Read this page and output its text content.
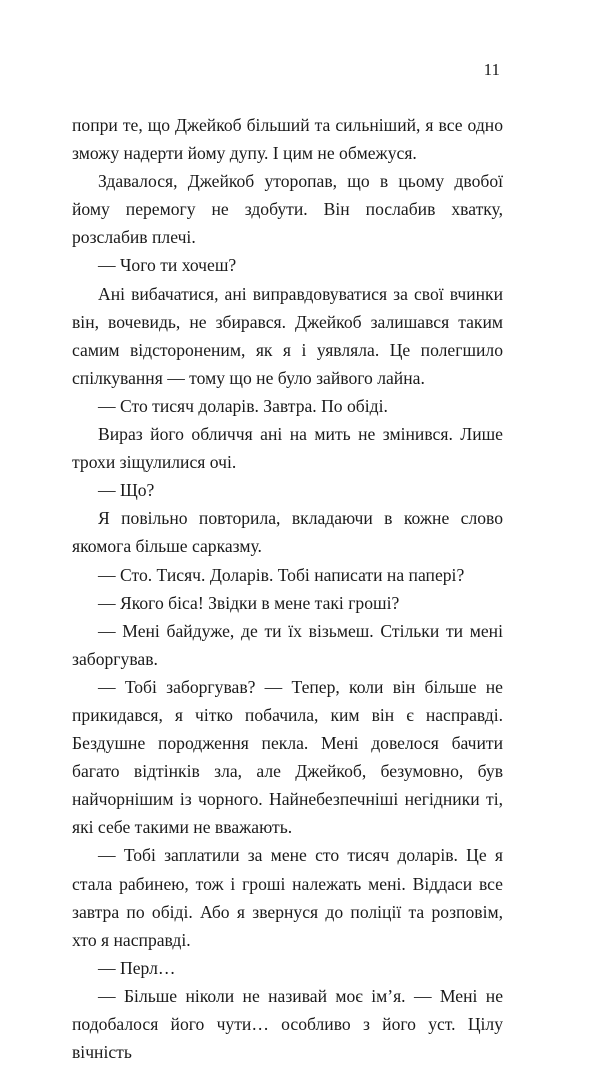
11

попри те, що Джейкоб більший та сильніший, я все одно зможу надерти йому дупу. І цим не обмежуся.

Здавалося, Джейкоб уторопав, що в цьому двобої йому перемогу не здобути. Він послабив хватку, розслабив плечі.

— Чого ти хочеш?

Ані вибачатися, ані виправдовуватися за свої вчинки він, вочевидь, не збирався. Джейкоб залишався таким самим відстороненим, як я і уявляла. Це полегшило спілкування — тому що не було зайвого лайна.

— Сто тисяч доларів. Завтра. По обіді.

Вираз його обличчя ані на мить не змінився. Лише трохи зіщулилися очі.

— Що?

Я повільно повторила, вкладаючи в кожне слово якомога більше сарказму.

— Сто. Тисяч. Доларів. Тобі написати на папері?

— Якого біса! Звідки в мене такі гроші?

— Мені байдуже, де ти їх візьмеш. Стільки ти мені заборгував.

— Тобі заборгував? — Тепер, коли він більше не прикидався, я чітко побачила, ким він є насправді. Бездушне породження пекла. Мені довелося бачити багато відтінків зла, але Джейкоб, безумовно, був найчорнішим із чорного. Найнебезпечніші негідники ті, які себе такими не вважають.

— Тобі заплатили за мене сто тисяч доларів. Це я стала рабинею, тож і гроші належать мені. Віддаси все завтра по обіді. Або я звернуся до поліції та розповім, хто я насправді.

— Перл…

— Більше ніколи не називай моє ім’я. — Мені не подобалося його чути… особливо з його уст. Цілу вічність
